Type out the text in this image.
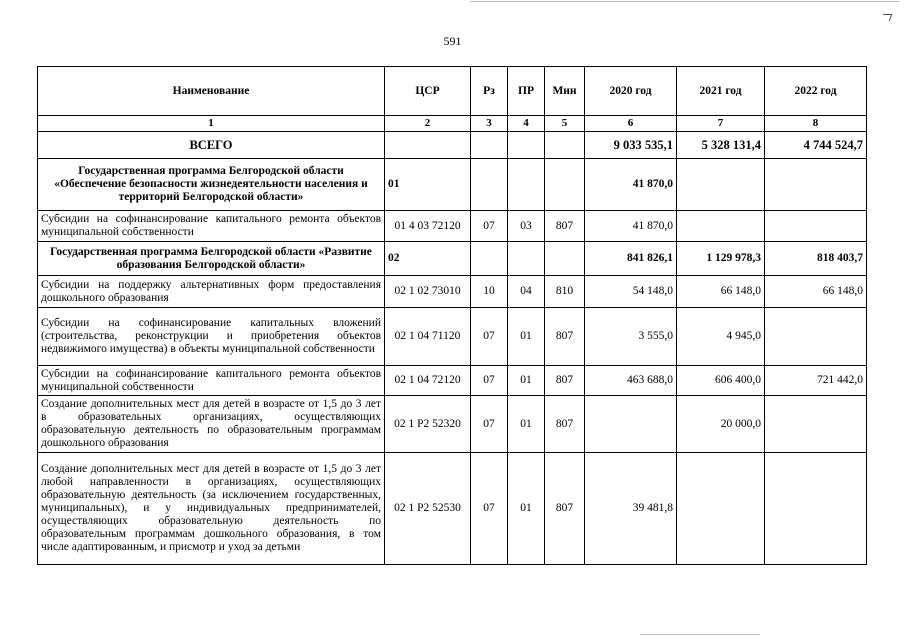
591
Наименование	ЦСР	Рз	ПР	Мин	2020 год	2021 год	2022 год
1	2	3	4	5	6	7	8
ВСЕГО					9 033 535,1	5 328 131,4	4 744 524,7
Государственная программа Белгородской области «Обеспечение безопасности жизнедеятельности населения и территорий Белгородской области»	01				41 870,0		
Субсидии на софинансирование капитального ремонта объектов муниципальной собственности	01 4 03 72120	07	03	807	41 870,0		
Государственная программа Белгородской области «Развитие образования Белгородской области»	02				841 826,1	1 129 978,3	818 403,7
Субсидии на поддержку альтернативных форм предоставления дошкольного образования	02 1 02 73010	10	04	810	54 148,0	66 148,0	66 148,0
Субсидии на софинансирование капитальных вложений (строительства, реконструкции и приобретения объектов недвижимого имущества) в объекты муниципальной собственности	02 1 04 71120	07	01	807	3 555,0	4 945,0	
Субсидии на софинансирование капитального ремонта объектов муниципальной собственности	02 1 04 72120	07	01	807	463 688,0	606 400,0	721 442,0
Создание дополнительных мест для детей в возрасте от 1,5 до 3 лет в образовательных организациях, осуществляющих образовательную деятельность по образовательным программам дошкольного образования	02 1 P2 52320	07	01	807		20 000,0	
Создание дополнительных мест для детей в возрасте от 1,5 до 3 лет любой направленности в организациях, осуществляющих образовательную деятельность (за исключением государственных, муниципальных), и у индивидуальных предпринимателей, осуществляющих образовательную деятельность по образовательным программам дошкольного образования, в том числе адаптированным, и присмотр и уход за детьми	02 1 P2 52530	07	01	807	39 481,8		
